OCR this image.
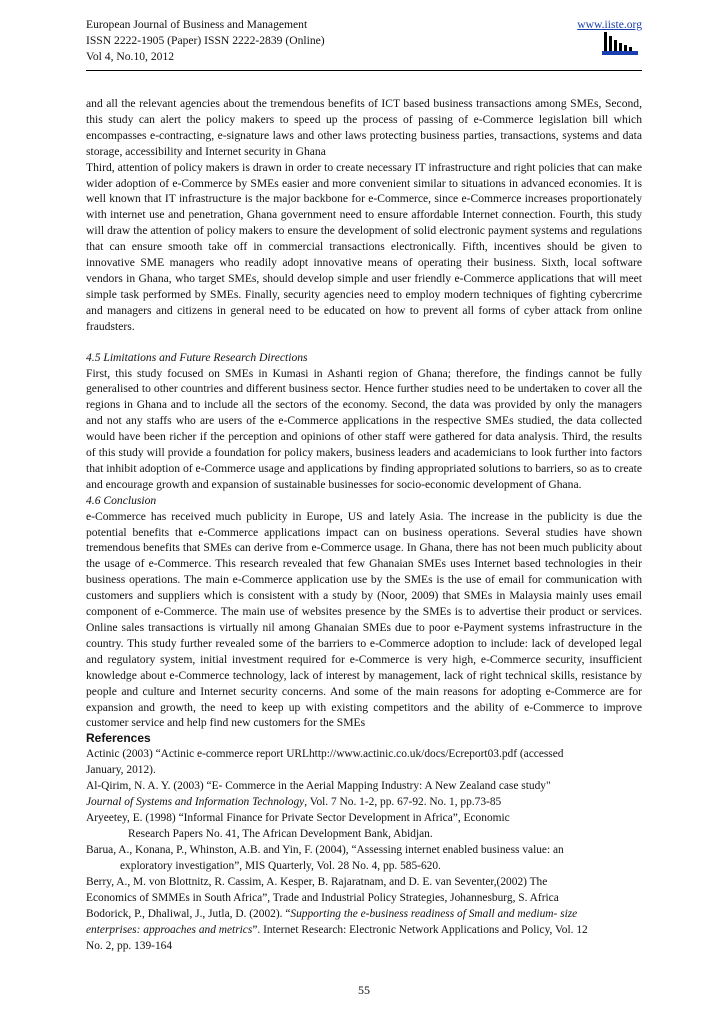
European Journal of Business and Management
ISSN 2222-1905 (Paper) ISSN 2222-2839 (Online)
Vol 4, No.10, 2012
www.iiste.org

and all the relevant agencies about the tremendous benefits of ICT based business transactions among SMEs, Second, this study can alert the policy makers to speed up the process of passing of e-Commerce legislation bill which encompasses e-contracting, e-signature laws and other laws protecting business parties, transactions, systems and data storage, accessibility and Internet security in Ghana

Third, attention of policy makers is drawn in order to create necessary IT infrastructure and right policies that can make wider adoption of e-Commerce by SMEs easier and more convenient similar to situations in advanced economies. It is well known that IT infrastructure is the major backbone for e-Commerce, since e-Commerce increases proportionately with internet use and penetration, Ghana government need to ensure affordable Internet connection. Fourth, this study will draw the attention of policy makers to ensure the development of solid electronic payment systems and regulations that can ensure smooth take off in commercial transactions electronically. Fifth, incentives should be given to innovative SME managers who readily adopt innovative means of operating their business. Sixth, local software vendors in Ghana, who target SMEs, should develop simple and user friendly e-Commerce applications that will meet simple task performed by SMEs. Finally, security agencies need to employ modern techniques of fighting cybercrime and managers and citizens in general need to be educated on how to prevent all forms of cyber attack from online fraudsters.

4.5 Limitations and Future Research Directions

First, this study focused on SMEs in Kumasi in Ashanti region of Ghana; therefore, the findings cannot be fully generalised to other countries and different business sector. Hence further studies need to be undertaken to cover all the regions in Ghana and to include all the sectors of the economy. Second, the data was provided by only the managers and not any staffs who are users of the e-Commerce applications in the respective SMEs studied, the data collected would have been richer if the perception and opinions of other staff were gathered for data analysis. Third, the results of this study will provide a foundation for policy makers, business leaders and academicians to look further into factors that inhibit adoption of e-Commerce usage and applications by finding appropriated solutions to barriers, so as to create and encourage growth and expansion of sustainable businesses for socio-economic development of Ghana.

4.6 Conclusion

e-Commerce has received much publicity in Europe, US and lately Asia. The increase in the publicity is due the potential benefits that e-Commerce applications impact can on business operations. Several studies have shown tremendous benefits that SMEs can derive from e-Commerce usage. In Ghana, there has not been much publicity about the usage of e-Commerce. This research revealed that few Ghanaian SMEs uses Internet based technologies in their business operations. The main e-Commerce application use by the SMEs is the use of email for communication with customers and suppliers which is consistent with a study by (Noor, 2009) that SMEs in Malaysia mainly uses email component of e-Commerce. The main use of websites presence by the SMEs is to advertise their product or services. Online sales transactions is virtually nil among Ghanaian SMEs due to poor e-Payment systems infrastructure in the country. This study further revealed some of the barriers to e-Commerce adoption to include: lack of developed legal and regulatory system, initial investment required for e-Commerce is very high, e-Commerce security, insufficient knowledge about e-Commerce technology, lack of interest by management, lack of right technical skills, resistance by people and culture and Internet security concerns. And some of the main reasons for adopting e-Commerce are for expansion and growth, the need to keep up with existing competitors and the ability of e-Commerce to improve customer service and help find new customers for the SMEs

References

Actinic (2003) “Actinic e-commerce report URLhttp://www.actinic.co.uk/docs/Ecreport03.pdf (accessed
January, 2012).

Al-Qirim, N. A. Y. (2003) “E- Commerce in the Aerial Mapping Industry: A New Zealand case study"
Journal of Systems and Information Technology, Vol. 7 No. 1-2, pp. 67-92. No. 1, pp.73-85

Aryeetey, E. (1998) “Informal Finance for Private Sector Development in Africa”, Economic

Research Papers No. 41, The African Development Bank, Abidjan.

Barua, A., Konana, P., Whinston, A.B. and Yin, F. (2004), “Assessing internet enabled business value: an

exploratory investigation”, MIS Quarterly, Vol. 28 No. 4, pp. 585-620.

Berry, A., M. von Blottnitz, R. Cassim, A. Kesper, B. Rajaratnam, and D. E. van Seventer,(2002) The
Economics of SMMEs in South Africa”, Trade and Industrial Policy Strategies, Johannesburg, S. Africa

Bodorick, P., Dhaliwal, J., Jutla, D. (2002). “Supporting the e-business readiness of Small and medium- size
enterprises: approaches and metrics”. Internet Research: Electronic Network Applications and Policy, Vol. 12
No. 2, pp. 139-164

55
